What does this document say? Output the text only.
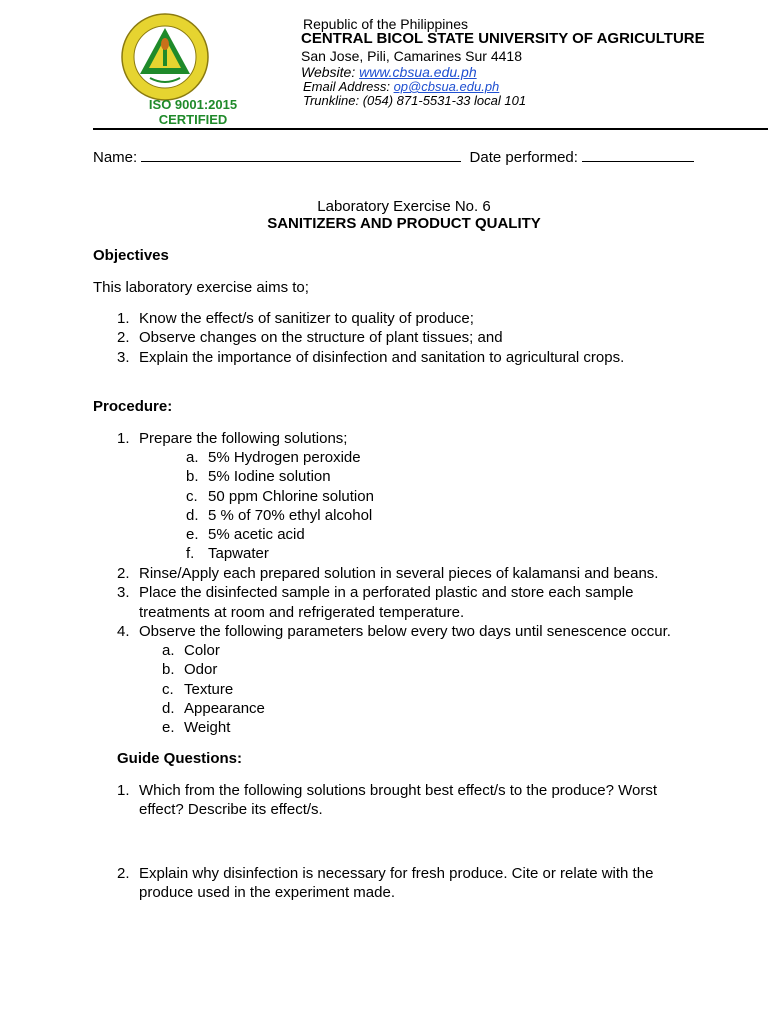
ISO 9001:2015
CERTIFIED
Republic of the Philippines
CENTRAL BICOL STATE UNIVERSITY OF AGRICULTURE
San Jose, Pili, Camarines Sur 4418
Website: www.cbsua.edu.ph
Email Address: op@cbsua.edu.ph
Trunkline: (054) 871-5531-33 local 101
Name:	Date performed:
Laboratory Exercise No. 6
SANITIZERS AND PRODUCT QUALITY
Objectives
This laboratory exercise aims to;
1. Know the effect/s of sanitizer to quality of produce;
2. Observe changes on the structure of plant tissues; and
3. Explain the importance of disinfection and sanitation to agricultural crops.
Procedure:
1. Prepare the following solutions;
a. 5% Hydrogen peroxide
b. 5% Iodine solution
c. 50 ppm Chlorine solution
d. 5 % of 70% ethyl alcohol
e. 5% acetic acid
f. Tapwater
2. Rinse/Apply each prepared solution in several pieces of kalamansi and beans.
3. Place the disinfected sample in a perforated plastic and store each sample
treatments at room and refrigerated temperature.
4. Observe the following parameters below every two days until senescence occur.
a. Color
b. Odor
c. Texture
d. Appearance
e. Weight
Guide Questions:
1. Which from the following solutions brought best effect/s to the produce? Worst
effect? Describe its effect/s.
2. Explain why disinfection is necessary for fresh produce. Cite or relate with the
produce used in the experiment made.
